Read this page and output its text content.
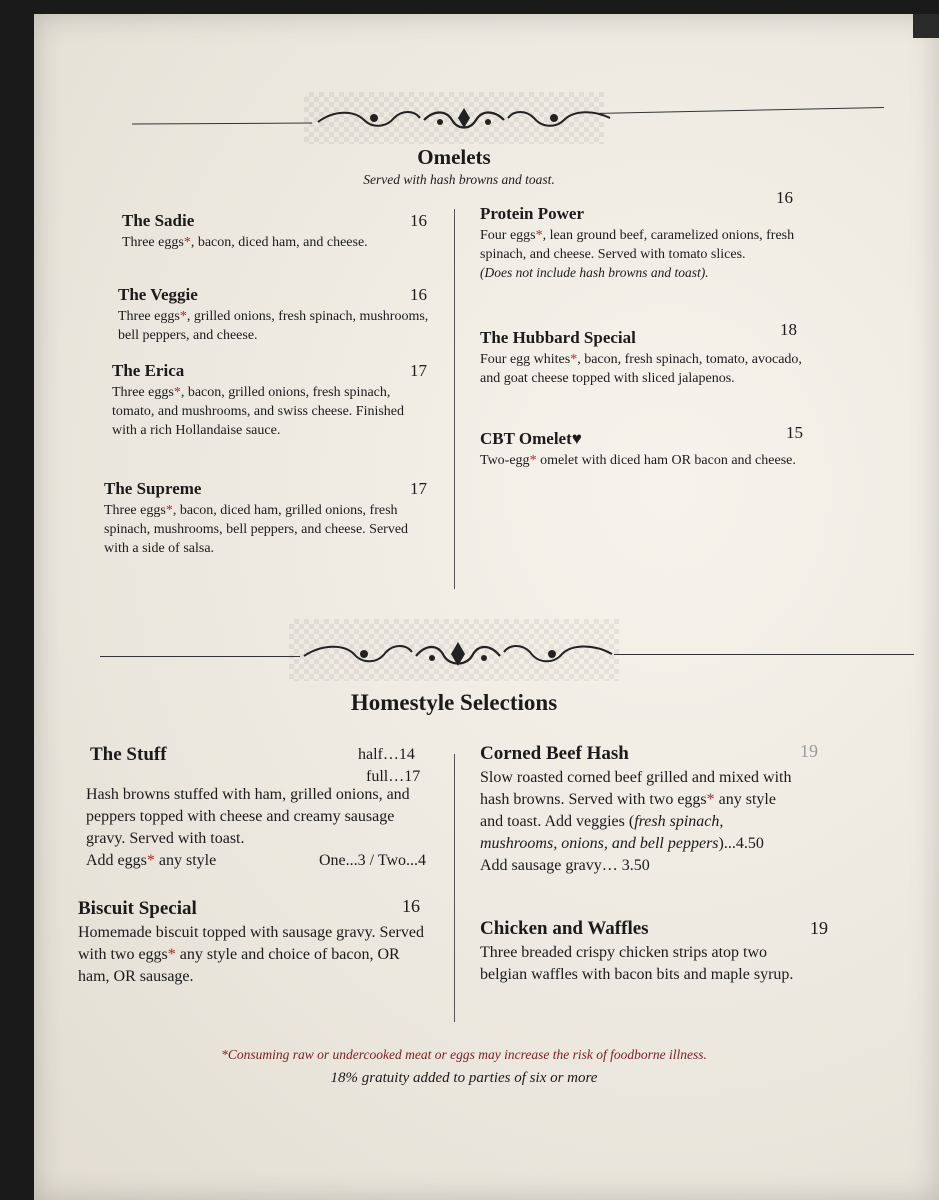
Omelets
Served with hash browns and toast.
The Sadie	16
Three eggs*, bacon, diced ham, and cheese.
The Veggie	16
Three eggs*, grilled onions, fresh spinach, mushrooms, bell peppers, and cheese.
The Erica	17
Three eggs*, bacon, grilled onions, fresh spinach, tomato, and mushrooms, and swiss cheese. Finished with a rich Hollandaise sauce.
The Supreme	17
Three eggs*, bacon, diced ham, grilled onions, fresh spinach, mushrooms, bell peppers, and cheese. Served with a side of salsa.
Protein Power
16
Four eggs*, lean ground beef, caramelized onions, fresh spinach, and cheese. Served with tomato slices.
(Does not include hash browns and toast).
The Hubbard Special	18
Four egg whites*, bacon, fresh spinach, tomato, avocado, and goat cheese topped with sliced jalapenos.
CBT Omelet♥	15
Two-egg* omelet with diced ham OR bacon and cheese.
Homestyle Selections
The Stuff	half…14
full…17
Hash browns stuffed with ham, grilled onions, and peppers topped with cheese and creamy sausage gravy. Served with toast.
Add eggs* any style	One...3 / Two...4
Biscuit Special	16
Homemade biscuit topped with sausage gravy. Served with two eggs* any style and choice of bacon, OR ham, OR sausage.
Corned Beef Hash	19
Slow roasted corned beef grilled and mixed with hash browns. Served with two eggs* any style and toast. Add veggies (fresh spinach, mushrooms, onions, and bell peppers)...4.50
Add sausage gravy… 3.50
Chicken and Waffles	19
Three breaded crispy chicken strips atop two belgian waffles with bacon bits and maple syrup.
*Consuming raw or undercooked meat or eggs may increase the risk of foodborne illness.
18% gratuity added to parties of six or more
